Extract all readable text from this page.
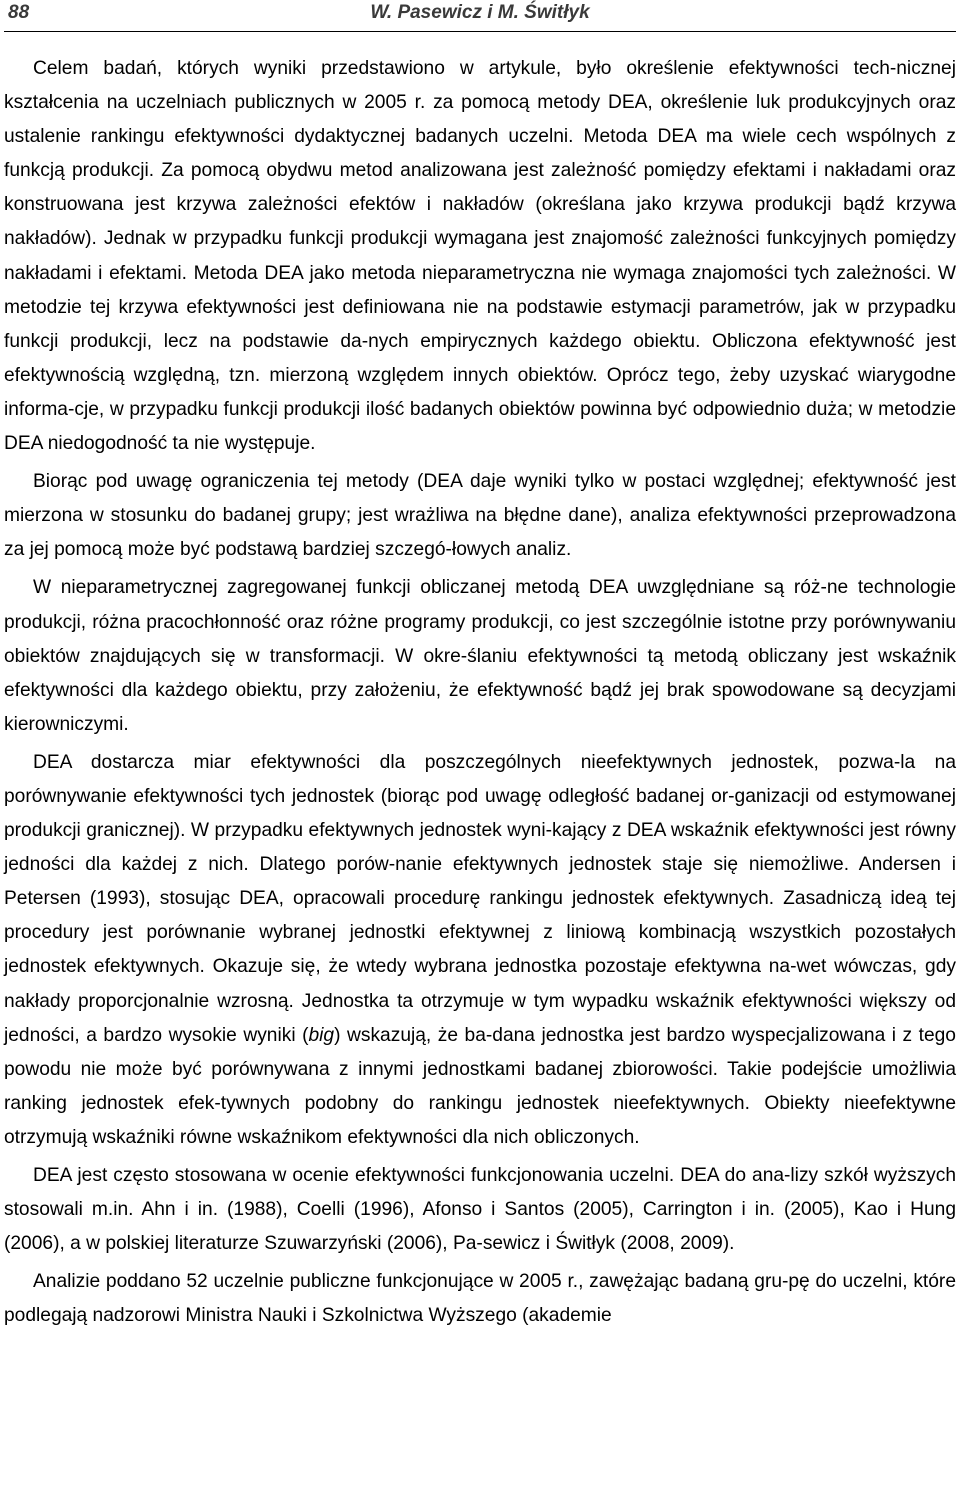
88	W. Pasewicz i M. Świtłyk

Celem badań, których wyniki przedstawiono w artykule, było określenie efektywności tech-nicznej kształcenia na uczelniach publicznych w 2005 r. za pomocą metody DEA, określenie luk produkcyjnych oraz ustalenie rankingu efektywności dydaktycznej badanych uczelni. Metoda DEA ma wiele cech wspólnych z funkcją produkcji. Za pomocą obydwu metod analizowana jest zależność pomiędzy efektami i nakładami oraz konstruowana jest krzywa zależności efektów i nakładów (określana jako krzywa produkcji bądź krzywa nakładów). Jednak w przypadku funkcji produkcji wymagana jest znajomość zależności funkcyjnych pomiędzy nakładami i efektami. Metoda DEA jako metoda nieparametryczna nie wymaga znajomości tych zależności. W metodzie tej krzywa efektywności jest definiowana nie na podstawie estymacji parametrów, jak w przypadku funkcji produkcji, lecz na podstawie da-nych empirycznych każdego obiektu. Obliczona efektywność jest efektywnością względną, tzn. mierzoną względem innych obiektów. Oprócz tego, żeby uzyskać wiarygodne informa-cje, w przypadku funkcji produkcji ilość badanych obiektów powinna być odpowiednio duża; w metodzie DEA niedogodność ta nie występuje.

Biorąc pod uwagę ograniczenia tej metody (DEA daje wyniki tylko w postaci względnej; efektywność jest mierzona w stosunku do badanej grupy; jest wrażliwa na błędne dane), analiza efektywności przeprowadzona za jej pomocą może być podstawą bardziej szczegó-łowych analiz.

W nieparametrycznej zagregowanej funkcji obliczanej metodą DEA uwzględniane są róż-ne technologie produkcji, różna pracochłonność oraz różne programy produkcji, co jest szczególnie istotne przy porównywaniu obiektów znajdujących się w transformacji. W okre-ślaniu efektywności tą metodą obliczany jest wskaźnik efektywności dla każdego obiektu, przy założeniu, że efektywność bądź jej brak spowodowane są decyzjami kierowniczymi.

DEA dostarcza miar efektywności dla poszczególnych nieefektywnych jednostek, pozwa-la na porównywanie efektywności tych jednostek (biorąc pod uwagę odległość badanej or-ganizacji od estymowanej produkcji granicznej). W przypadku efektywnych jednostek wyni-kający z DEA wskaźnik efektywności jest równy jedności dla każdej z nich. Dlatego porów-nanie efektywnych jednostek staje się niemożliwe. Andersen i Petersen (1993), stosując DEA, opracowali procedurę rankingu jednostek efektywnych. Zasadniczą ideą tej procedury jest porównanie wybranej jednostki efektywnej z liniową kombinacją wszystkich pozostałych jednostek efektywnych. Okazuje się, że wtedy wybrana jednostka pozostaje efektywna na-wet wówczas, gdy nakłady proporcjonalnie wzrosną. Jednostka ta otrzymuje w tym wypadku wskaźnik efektywności większy od jedności, a bardzo wysokie wyniki (big) wskazują, że ba-dana jednostka jest bardzo wyspecjalizowana i z tego powodu nie może być porównywana z innymi jednostkami badanej zbiorowości. Takie podejście umożliwia ranking jednostek efek-tywnych podobny do rankingu jednostek nieefektywnych. Obiekty nieefektywne otrzymują wskaźniki równe wskaźnikom efektywności dla nich obliczonych.

DEA jest często stosowana w ocenie efektywności funkcjonowania uczelni. DEA do ana-lizy szkół wyższych stosowali m.in. Ahn i in. (1988), Coelli (1996), Afonso i Santos (2005), Carrington i in. (2005), Kao i Hung (2006), a w polskiej literaturze Szuwarzyński (2006), Pa-sewicz i Świtłyk (2008, 2009).

Analizie poddano 52 uczelnie publiczne funkcjonujące w 2005 r., zawężając badaną gru-pę do uczelni, które podlegają nadzorowi Ministra Nauki i Szkolnictwa Wyższego (akademie
